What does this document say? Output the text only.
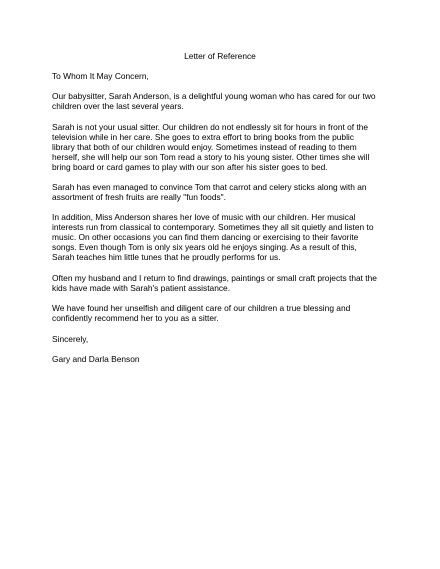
Letter of Reference
To Whom It May Concern,
Our babysitter, Sarah Anderson, is a delightful young woman who has cared for our two
children over the last several years.
Sarah is not your usual sitter. Our children do not endlessly sit for hours in front of the
television while in her care. She goes to extra effort to bring books from the public
library that both of our children would enjoy. Sometimes instead of reading to them
herself, she will help our son Tom read a story to his young sister. Other times she will
bring board or card games to play with our son after his sister goes to bed.
Sarah has even managed to convince Tom that carrot and celery sticks along with an
assortment of fresh fruits are really "fun foods".
In addition, Miss Anderson shares her love of music with our children. Her musical
interests run from classical to contemporary. Sometimes they all sit quietly and listen to
music. On other occasions you can find them dancing or exercising to their favorite
songs. Even though Tom is only six years old he enjoys singing. As a result of this,
Sarah teaches him little tunes that he proudly performs for us.
Often my husband and I return to find drawings, paintings or small craft projects that the
kids have made with Sarah's patient assistance.
We have found her unselfish and diligent care of our children a true blessing and
confidently recommend her to you as a sitter.
Sincerely,
Gary and Darla Benson
